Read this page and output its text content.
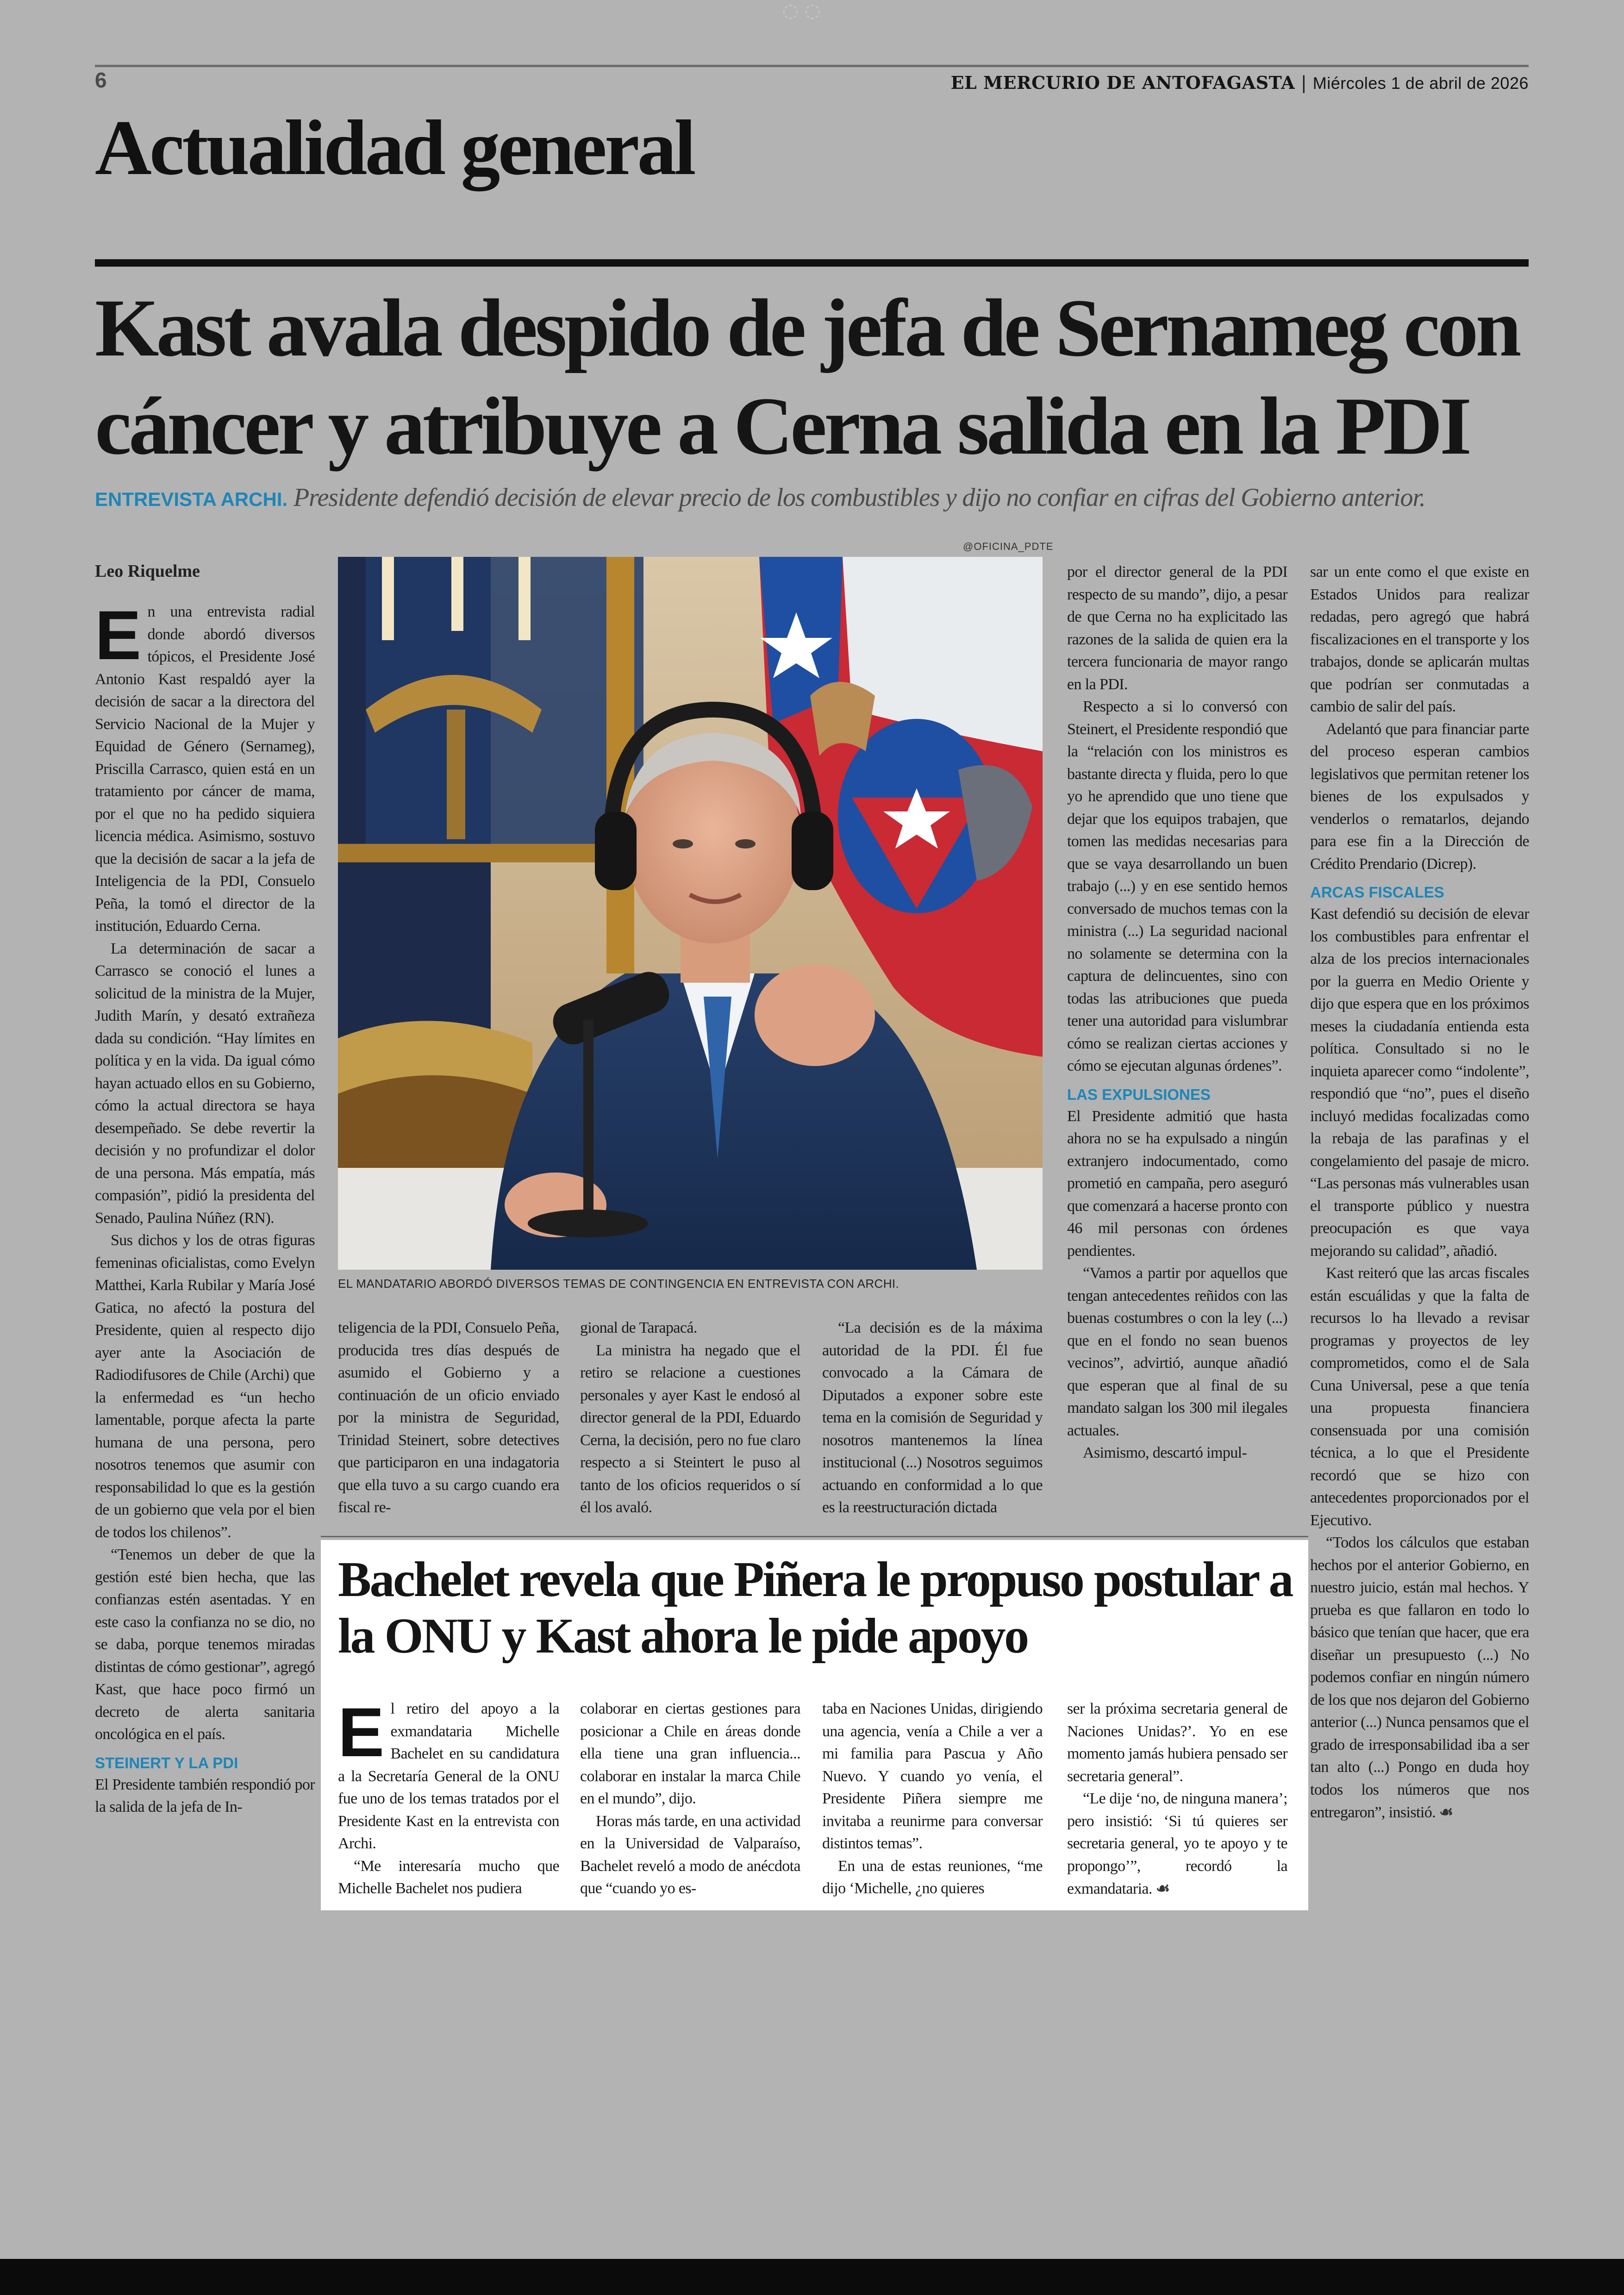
◌ ◌
6	EL MERCURIO DE ANTOFAGASTA | Miércoles 1 de abril de 2026
Actualidad general
Kast avala despido de jefa de Sernameg con cáncer y atribuye a Cerna salida en la PDI
ENTREVISTA ARCHI. Presidente defendió decisión de elevar precio de los combustibles y dijo no confiar en cifras del Gobierno anterior.
Leo Riquelme

En una entrevista radial donde abordó diversos tópicos, el Presidente José Antonio Kast respaldó ayer la decisión de sacar a la directora del Servicio Nacional de la Mujer y Equidad de Género (Sernameg), Priscilla Carrasco, quien está en un tratamiento por cáncer de mama, por el que no ha pedido siquiera licencia médica. Asimismo, sostuvo que la decisión de sacar a la jefa de Inteligencia de la PDI, Consuelo Peña, la tomó el director de la institución, Eduardo Cerna.

La determinación de sacar a Carrasco se conoció el lunes a solicitud de la ministra de la Mujer, Judith Marín, y desató extrañeza dada su condición. “Hay límites en política y en la vida. Da igual cómo hayan actuado ellos en su Gobierno, cómo la actual directora se haya desempeñado. Se debe revertir la decisión y no profundizar el dolor de una persona. Más empatía, más compasión”, pidió la presidenta del Senado, Paulina Núñez (RN).

Sus dichos y los de otras figuras femeninas oficialistas, como Evelyn Matthei, Karla Rubilar y María José Gatica, no afectó la postura del Presidente, quien al respecto dijo ayer ante la Asociación de Radiodifusores de Chile (Archi) que la enfermedad es “un hecho lamentable, porque afecta la parte humana de una persona, pero nosotros tenemos que asumir con responsabilidad lo que es la gestión de un gobierno que vela por el bien de todos los chilenos”.

“Tenemos un deber de que la gestión esté bien hecha, que las confianzas estén asentadas. Y en este caso la confianza no se dio, no se daba, porque tenemos miradas distintas de cómo gestionar”, agregó Kast, que hace poco firmó un decreto de alerta sanitaria oncológica en el país.

STEINERT Y LA PDI

El Presidente también respondió por la salida de la jefa de In-

@OFICINA_PDTE
EL MANDATARIO ABORDÓ DIVERSOS TEMAS DE CONTINGENCIA EN ENTREVISTA CON ARCHI.

teligencia de la PDI, Consuelo Peña, producida tres días después de asumido el Gobierno y a continuación de un oficio enviado por la ministra de Seguridad, Trinidad Steinert, sobre detectives que participaron en una indagatoria que ella tuvo a su cargo cuando era fiscal re-

gional de Tarapacá.

La ministra ha negado que el retiro se relacione a cuestiones personales y ayer Kast le endosó al director general de la PDI, Eduardo Cerna, la decisión, pero no fue claro respecto a si Steintert le puso al tanto de los oficios requeridos o sí él los avaló.

“La decisión es de la máxima autoridad de la PDI. Él fue convocado a la Cámara de Diputados a exponer sobre este tema en la comisión de Seguridad y nosotros mantenemos la línea institucional (...) Nosotros seguimos actuando en conformidad a lo que es la reestructuración dictada

por el director general de la PDI respecto de su mando”, dijo, a pesar de que Cerna no ha explicitado las razones de la salida de quien era la tercera funcionaria de mayor rango en la PDI.

Respecto a si lo conversó con Steinert, el Presidente respondió que la “relación con los ministros es bastante directa y fluida, pero lo que yo he aprendido que uno tiene que dejar que los equipos trabajen, que tomen las medidas necesarias para que se vaya desarrollando un buen trabajo (...) y en ese sentido hemos conversado de muchos temas con la ministra (...) La seguridad nacional no solamente se determina con la captura de delincuentes, sino con todas las atribuciones que pueda tener una autoridad para vislumbrar cómo se realizan ciertas acciones y cómo se ejecutan algunas órdenes”.

LAS EXPULSIONES

El Presidente admitió que hasta ahora no se ha expulsado a ningún extranjero indocumentado, como prometió en campaña, pero aseguró que comenzará a hacerse pronto con 46 mil personas con órdenes pendientes.

“Vamos a partir por aquellos que tengan antecedentes reñidos con las buenas costumbres o con la ley (...) que en el fondo no sean buenos vecinos”, advirtió, aunque añadió que esperan que al final de su mandato salgan los 300 mil ilegales actuales.

Asimismo, descartó impul-

sar un ente como el que existe en Estados Unidos para realizar redadas, pero agregó que habrá fiscalizaciones en el transporte y los trabajos, donde se aplicarán multas que podrían ser conmutadas a cambio de salir del país.

Adelantó que para financiar parte del proceso esperan cambios legislativos que permitan retener los bienes de los expulsados y venderlos o rematarlos, dejando para ese fin a la Dirección de Crédito Prendario (Dicrep).

ARCAS FISCALES

Kast defendió su decisión de elevar los combustibles para enfrentar el alza de los precios internacionales por la guerra en Medio Oriente y dijo que espera que en los próximos meses la ciudadanía entienda esta política. Consultado si no le inquieta aparecer como “indolente”, respondió que “no”, pues el diseño incluyó medidas focalizadas como la rebaja de las parafinas y el congelamiento del pasaje de micro. “Las personas más vulnerables usan el transporte público y nuestra preocupación es que vaya mejorando su calidad”, añadió.

Kast reiteró que las arcas fiscales están escuálidas y que la falta de recursos lo ha llevado a revisar programas y proyectos de ley comprometidos, como el de Sala Cuna Universal, pese a que tenía una propuesta financiera consensuada por una comisión técnica, a lo que el Presidente recordó que se hizo con antecedentes proporcionados por el Ejecutivo.

“Todos los cálculos que estaban hechos por el anterior Gobierno, en nuestro juicio, están mal hechos. Y prueba es que fallaron en todo lo básico que tenían que hacer, que era diseñar un presupuesto (...) No podemos confiar en ningún número de los que nos dejaron del Gobierno anterior (...) Nunca pensamos que el grado de irresponsabilidad iba a ser tan alto (...) Pongo en duda hoy todos los números que nos entregaron”, insistió. ☙

Bachelet revela que Piñera le propuso postular a la ONU y Kast ahora le pide apoyo

El retiro del apoyo a la exmandataria Michelle Bachelet en su candidatura a la Secretaría General de la ONU fue uno de los temas tratados por el Presidente Kast en la entrevista con Archi.

“Me interesaría mucho que Michelle Bachelet nos pudiera

colaborar en ciertas gestiones para posicionar a Chile en áreas donde ella tiene una gran influencia... colaborar en instalar la marca Chile en el mundo”, dijo.

Horas más tarde, en una actividad en la Universidad de Valparaíso, Bachelet reveló a modo de anécdota que “cuando yo es-

taba en Naciones Unidas, dirigiendo una agencia, venía a Chile a ver a mi familia para Pascua y Año Nuevo. Y cuando yo venía, el Presidente Piñera siempre me invitaba a reunirme para conversar distintos temas”.

En una de estas reuniones, “me dijo ‘Michelle, ¿no quieres

ser la próxima secretaria general de Naciones Unidas?’. Yo en ese momento jamás hubiera pensado ser secretaria general”.

“Le dije ‘no, de ninguna manera’; pero insistió: ‘Si tú quieres ser secretaria general, yo te apoyo y te propongo’”, recordó la exmandataria. ☙
